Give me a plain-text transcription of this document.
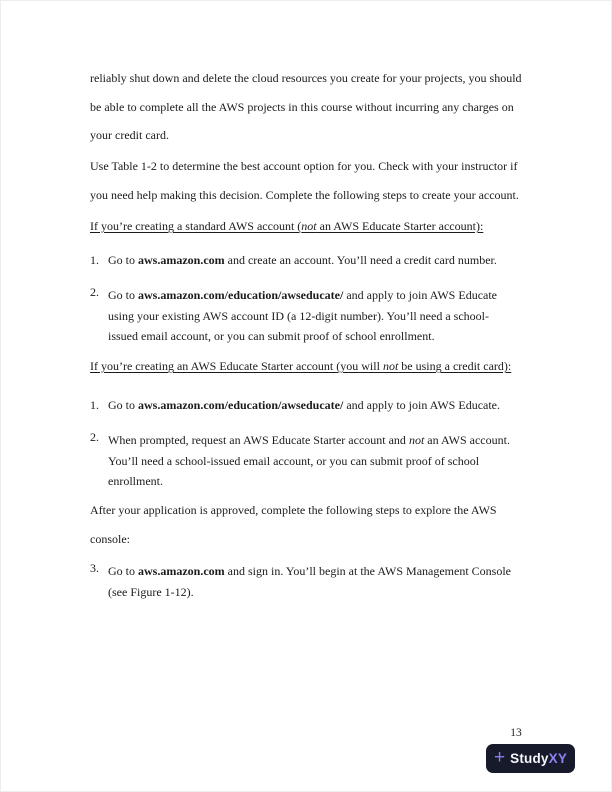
reliably shut down and delete the cloud resources you create for your projects, you should
be able to complete all the AWS projects in this course without incurring any charges on
your credit card.
Use Table 1-2 to determine the best account option for you. Check with your instructor if
you need help making this decision. Complete the following steps to create your account.
If you’re creating a standard AWS account (not an AWS Educate Starter account):
1. Go to aws.amazon.com and create an account. You’ll need a credit card number.
2. Go to aws.amazon.com/education/awseducate/ and apply to join AWS Educate
using your existing AWS account ID (a 12-digit number). You’ll need a school-
issued email account, or you can submit proof of school enrollment.
If you’re creating an AWS Educate Starter account (you will not be using a credit card):
1. Go to aws.amazon.com/education/awseducate/ and apply to join AWS Educate.
2. When prompted, request an AWS Educate Starter account and not an AWS account.
You’ll need a school-issued email account, or you can submit proof of school
enrollment.
After your application is approved, complete the following steps to explore the AWS
console:
3. Go to aws.amazon.com and sign in. You’ll begin at the AWS Management Console
(see Figure 1-12).
13
+ StudyXY
